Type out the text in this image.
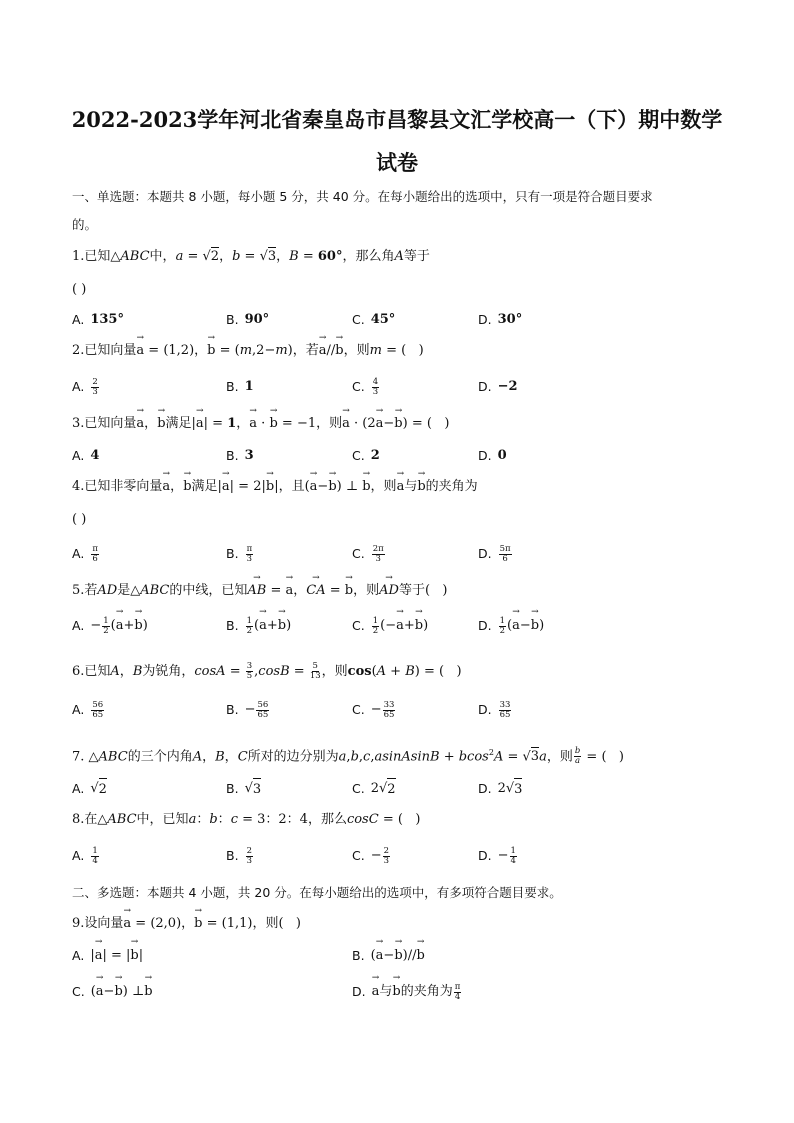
2022-2023学年河北省秦皇岛市昌黎县文汇学校高一（下）期中数学
试卷
一、单选题：本题共 8 小题，每小题 5 分，共 40 分。在每小题给出的选项中，只有一项是符合题目要求
的。
1.已知△ABC中，a = √2，b = √3，B = 60°，那么角A等于
( )
A. 135°	B. 90°	C. 45°	D. 30°
2.已知向量→ a = (1,2)，→ b = (m,2−m)，若→ a//→ b，则m = (   )
A. $\frac{2}{3}$	B. 1	C. $\frac{4}{3}$	D. −2
3.已知向量→ a，→ b满足|→ a| = 1，→ a · → b = −1，则→ a · (2→ a−→ b) = (   )
A. 4	B. 3	C. 2	D. 0
4.已知非零向量→ a，→ b满足|→ a| = 2|→ b|，且(→ a−→ b) ⊥ → b，则→ a与→ b的夹角为
( )
A. $\frac{\pi}{6}$	B. $\frac{\pi}{3}$	C. $\frac{2\pi}{3}$	D. $\frac{5\pi}{6}$
5.若AD是△ABC的中线，已知→ AB = → a，→ CA = → b，则→ AD等于(   )
A. − $\frac{1}{2}$ ( → a + → b )	B. $\frac{1}{2}$ ( → a + → b )	C. $\frac{1}{2}$ (− → a + → b )	D. $\frac{1}{2}$ ( → a − → b )
6.已知A，B为锐角，$\cos A = \frac{3}{5} ,\cos B = \frac{5}{13}$ ，则cos(A + B) = (   )
A. $\frac{56}{65}$	B. − $\frac{56}{65}$	C. − $\frac{33}{65}$	D. $\frac{33}{65}$
7. △ABC的三个内角A，B，C所对的边分别为a,b,c,asinAsinB + bcos$^2$A = √3a，则 $\frac{b}{a}$ = (   )
A. √ 2	B. √ 3	C. 2√ 2	D. 2√ 3
8.在△ABC中，已知a：b：c = 3：2：4，那么cosC = (   )
A. $\frac{1}{4}$	B. $\frac{2}{3}$	C. − $\frac{2}{3}$	D. − $\frac{1}{4}$
二、多选题：本题共 4 小题，共 20 分。在每小题给出的选项中，有多项符合题目要求。
9.设向量→ a = (2,0)，→ b = (1,1)，则(   )
A. | → a | = | → b |	B. ( → a − → b )// → b
C. ( → a − → b ) ⊥ → b	D. → a 与 → b 的夹角为 $\frac{\pi}{4}$
